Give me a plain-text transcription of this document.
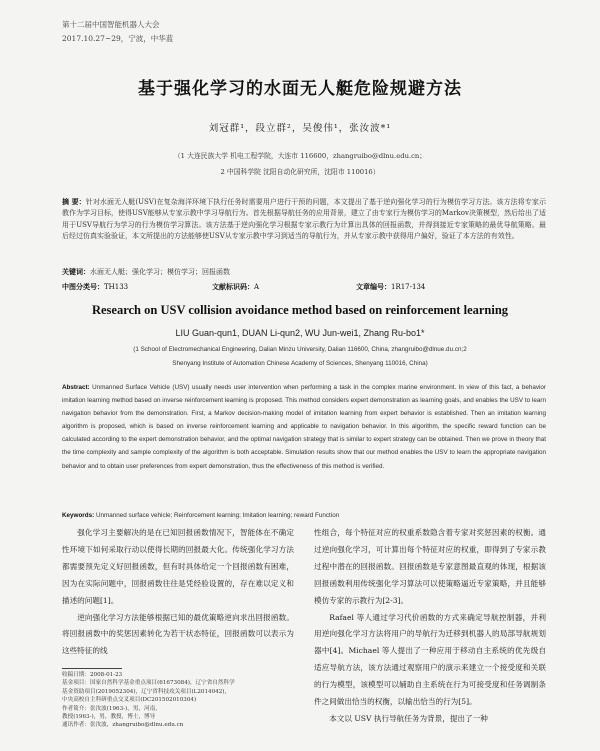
第十二届中国智能机器人大会
2017.10.27~29，宁波，中华蓝
基于强化学习的水面无人艇危险规避方法
刘冠群¹，段立群²，吴俊伟¹，张汝波*¹
（1 大连民族大学 机电工程学院，大连市 116600，zhangruibo@dlnu.edu.cn；
2 中国科学院 沈阳自动化研究所，沈阳市 110016）
摘 要：针对水面无人艇(USV)在复杂海洋环境下执行任务时需要用户进行干预的问题，本文提出了基于逆向强化学习的行为模仿学习方法。该方法将专家示教作为学习目标，使得USV能够从专家示教中学习导航行为。首先根据导航任务的应用背景，建立了由专家行为模仿学习的Markov决策模型，然后给出了适用于USV导航行为学习的行为模仿学习算法。该方法基于逆向强化学习根据专家示教行为计算出具体的回报函数，并得到接近专家策略的最优导航策略。最后经过仿真实验验证，本文所提出的方法能够使USV从专家示教中学习到适当的导航行为，并从专家示教中获得用户偏好，验证了本方法的有效性。
关键词：水面无人艇；强化学习；模仿学习；回报函数
中图分类号：TH133	文献标识码：A	文章编号：1R17-134
Research on USV collision avoidance method based on reinforcement learning
LIU Guan-qun1, DUAN Li-qun2, WU Jun-wei1, Zhang Ru-bo1*
(1 School of Electromechanical Engineering, Dalian Minzu University, Dalian 116600, China, zhangruibo@dlnue.du.cn;2
Shenyang Institute of Automation Chinese Academy of Sciences, Shenyang 110016, China)
Abstract: Unmanned Surface Vehicle (USV) usually needs user intervention when performing a task in the complex marine environment. In view of this fact, a behavior imitation learning method based on inverse reinforcement learning is proposed. This method considers expert demonstration as learning goals, and enables the USV to learn navigation behavior from the demonstration. First, a Markov decision-making model of imitation learning from expert behavior is established. Then an imitation learning algorithm is proposed, which is based on inverse reinforcement learning and applicable to navigation behavior. In this algorithm, the specific reward function can be calculated according to the expert demonstration behavior, and the optimal navigation strategy that is similar to expert strategy can be obtained. Then we prove in theory that the time complexity and sample complexity of the algorithm is both acceptable. Simulation results show that our method enables the USV to learn the appropriate navigation behavior and to obtain user preferences from expert demonstration, thus the effectiveness of this method is verified.
Keywords: Unmanned surface vehicle; Reinforcement learning; Imitation learning; reward Function

强化学习主要解决的是在已知回报函数情况下，智能体在不确定性环境下如何采取行动以使得长期的回报最大化。传统强化学习方法都需要预先定义好回报函数，但有时具体给定一个回报函数有困难，因为在实际问题中，回报函数往往是凭经验设置的，存在难以定义和描述的问题[1]。

逆向强化学习方法能够根据已知的最优策略逆向求出回报函数。将回报函数中的奖惩因素转化为若干状态特征，回报函数可以表示为这些特征的线

性组合，每个特征对应的权重系数隐含着专家对奖惩因素的权衡。通过逆向强化学习，可计算出每个特征对应的权重，即得到了专家示教过程中潜在的回报函数。回报函数是专家意图最直观的体现，根据该回报函数利用传统强化学习算法可以使策略逼近专家策略，并且能够模仿专家的示教行为[2-3]。

Rafael 等人通过学习代价函数的方式来确定导航控制器，并利用逆向强化学习方法将用户的导航行为迁移到机器人的局部导航规划器中[4]。Michael 等人提出了一种应用于移动自主系统的优先级自适应导航方法，该方法通过观察用户的演示来建立一个接受度和关联的行为模型，该模型可以辅助自主系统在行为可接受度和任务调制条件之间做出恰当的权衡，以输出恰当的行为[5]。

本文以 USV 执行导航任务为背景，提出了一种

收稿日期：2008-01-23
基金项目：国家自然科学基金重点项目(61673084)，辽宁省自然科学
基金资助项目(2019052304)，辽宁省科技攻关项目(L2014042)，
中央高校自主科研重点交叉项目(DC201502010304)
作者简介：张汝波(1963-)，男，河南，
教授(1963-)，男，教授，博士，博导
通讯作者：张汝波，zhangruibo@dlnu.edu.cn
